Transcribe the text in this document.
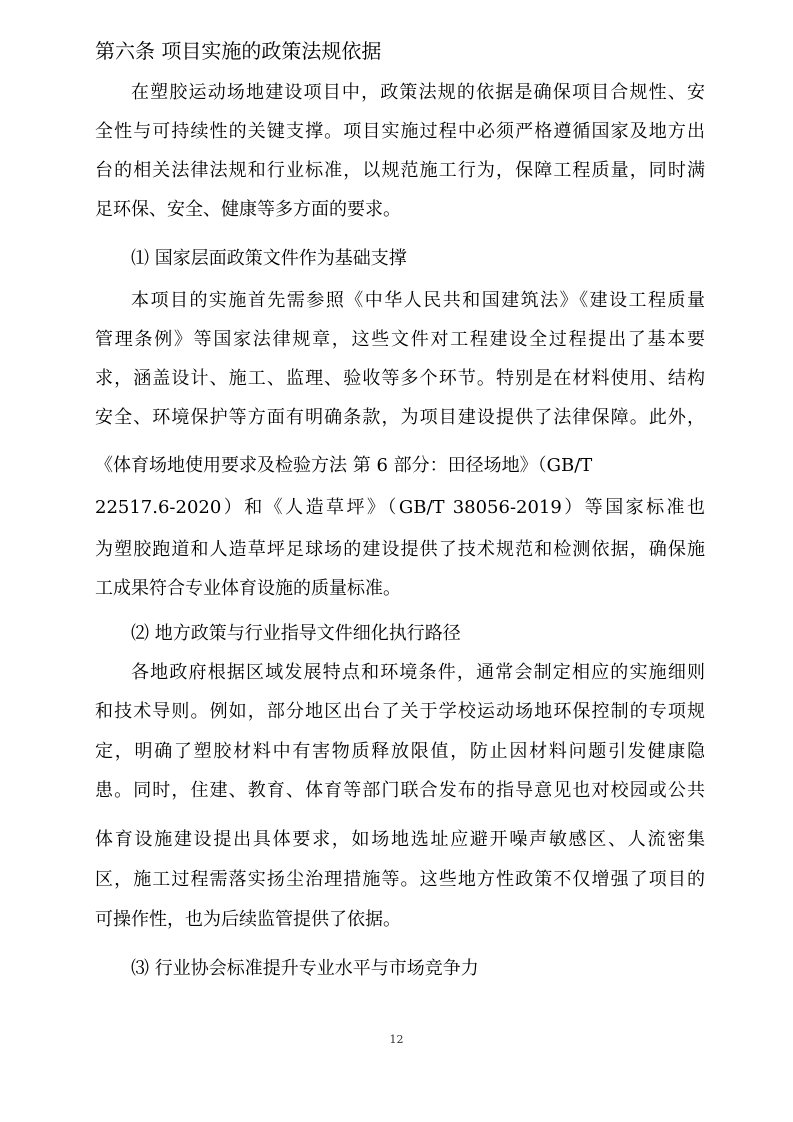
第六条 项目实施的政策法规依据
在塑胶运动场地建设项目中，政策法规的依据是确保项目合规性、安
全性与可持续性的关键支撑。项目实施过程中必须严格遵循国家及地方出
台的相关法律法规和行业标准，以规范施工行为，保障工程质量，同时满
足环保、安全、健康等多方面的要求。
⑴ 国家层面政策文件作为基础支撑
本项目的实施首先需参照《中华人民共和国建筑法》《建设工程质量
管理条例》等国家法律规章，这些文件对工程建设全过程提出了基本要
求，涵盖设计、施工、监理、验收等多个环节。特别是在材料使用、结构
安全、环境保护等方面有明确条款，为项目建设提供了法律保障。此外，
《体育场地使用要求及检验方法 第 6 部分：田径场地》（GB/T
22517.6-2020）和《人造草坪》（GB/T 38056-2019）等国家标准也
为塑胶跑道和人造草坪足球场的建设提供了技术规范和检测依据，确保施
工成果符合专业体育设施的质量标准。
⑵ 地方政策与行业指导文件细化执行路径
各地政府根据区域发展特点和环境条件，通常会制定相应的实施细则
和技术导则。例如，部分地区出台了关于学校运动场地环保控制的专项规
定，明确了塑胶材料中有害物质释放限值，防止因材料问题引发健康隐
患。同时，住建、教育、体育等部门联合发布的指导意见也对校园或公共
体育设施建设提出具体要求，如场地选址应避开噪声敏感区、人流密集
区，施工过程需落实扬尘治理措施等。这些地方性政策不仅增强了项目的
可操作性，也为后续监管提供了依据。
⑶ 行业协会标准提升专业水平与市场竞争力
12
